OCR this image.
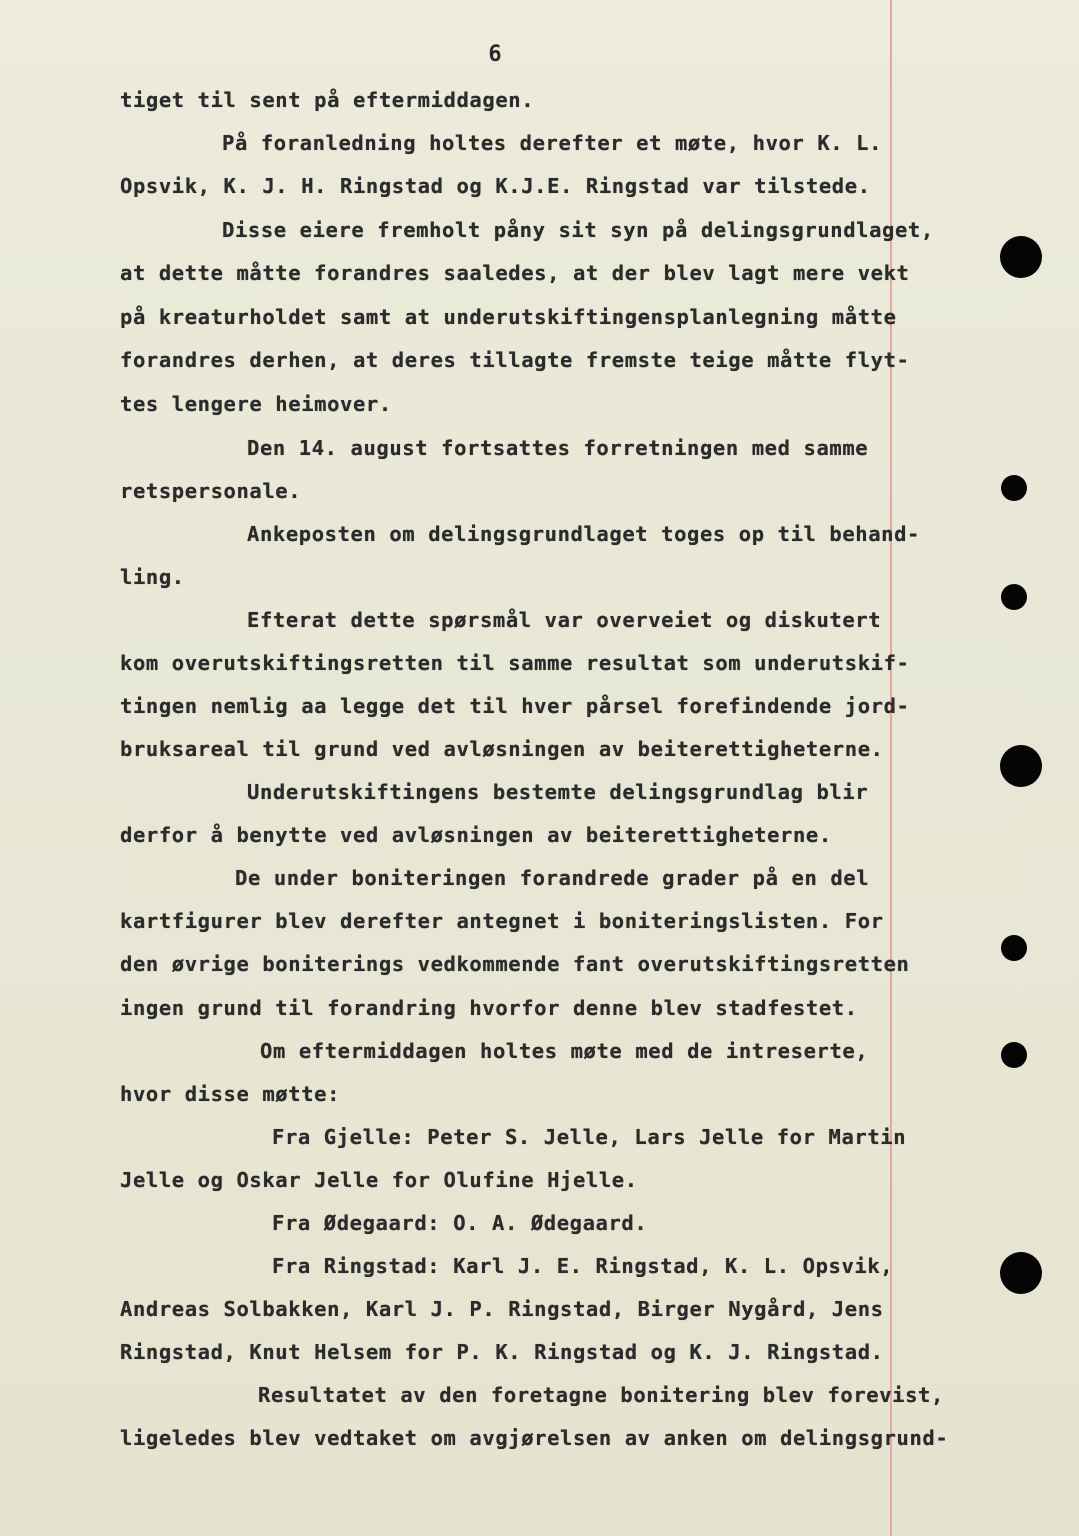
6
tiget til sent på eftermiddagen.
På foranledning holtes derefter et møte, hvor K. L.
Opsvik, K. J. H. Ringstad og K.J.E. Ringstad var tilstede.
Disse eiere fremholt påny sit syn på delingsgrundlaget,
at dette måtte forandres saaledes, at der blev lagt mere vekt
på kreaturholdet samt at underutskiftingensplanlegning måtte
forandres derhen, at deres tillagte fremste teige måtte flyt-
tes lengere heimover.
Den 14. august fortsattes forretningen med samme
retspersonale.
Ankeposten om delingsgrundlaget toges op til behand-
ling.
Efterat dette spørsmål var overveiet og diskutert
kom overutskiftingsretten til samme resultat som underutskif-
tingen nemlig aa legge det til hver pårsel forefindende jord-
bruksareal til grund ved avløsningen av beiterettigheterne.
Underutskiftingens bestemte delingsgrundlag blir
derfor å benytte ved avløsningen av beiterettigheterne.
De under boniteringen forandrede grader på en del
kartfigurer blev derefter antegnet i boniteringslisten. For
den øvrige boniterings vedkommende fant overutskiftingsretten
ingen grund til forandring hvorfor denne blev stadfestet.
Om eftermiddagen holtes møte med de intreserte,
hvor disse møtte:
Fra Gjelle: Peter S. Jelle, Lars Jelle for Martin
Jelle og Oskar Jelle for Olufine Hjelle.
Fra Ødegaard: O. A. Ødegaard.
Fra Ringstad: Karl J. E. Ringstad, K. L. Opsvik,
Andreas Solbakken, Karl J. P. Ringstad, Birger Nygård, Jens
Ringstad, Knut Helsem for P. K. Ringstad og K. J. Ringstad.
Resultatet av den foretagne bonitering blev forevist,
ligeledes blev vedtaket om avgjørelsen av anken om delingsgrund-
